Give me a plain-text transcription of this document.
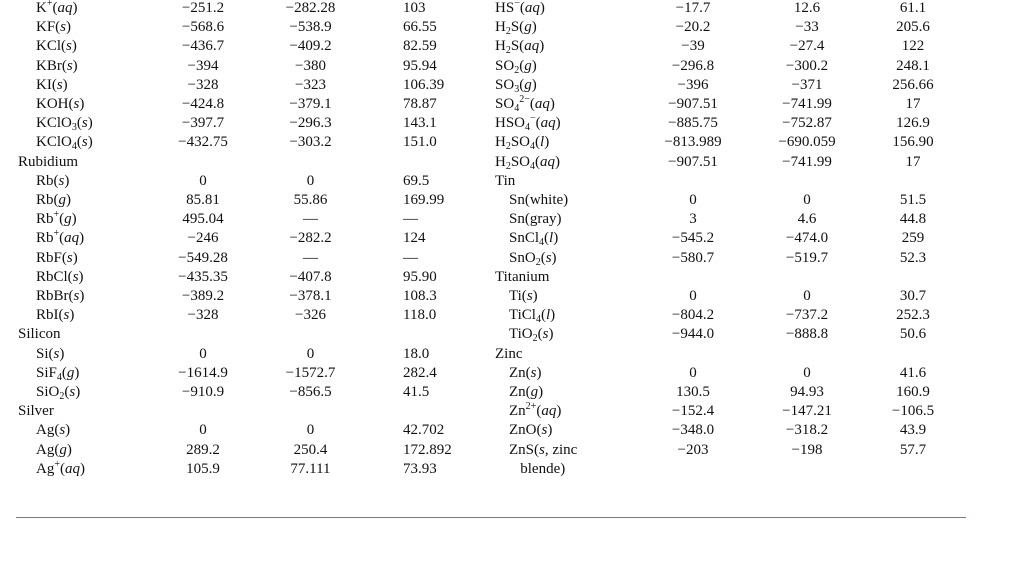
K+(aq)	−251.2	−282.28	103
KF(s)	−568.6	−538.9	66.55
KCl(s)	−436.7	−409.2	82.59
KBr(s)	−394	−380	95.94
KI(s)	−328	−323	106.39
KOH(s)	−424.8	−379.1	78.87
KClO$_3$(s)	−397.7	−296.3	143.1
KClO$_4$(s)	−432.75	−303.2	151.0
Rubidium
Rb(s)	0	0	69.5
Rb(g)	85.81	55.86	169.99
Rb+(g)	495.04	—	—
Rb+(aq)	−246	−282.2	124
RbF(s)	−549.28	—	—
RbCl(s)	−435.35	−407.8	95.90
RbBr(s)	−389.2	−378.1	108.3
RbI(s)	−328	−326	118.0
Silicon
Si(s)	0	0	18.0
SiF$_4$(g)	−1614.9	−1572.7	282.4
SiO$_2$(s)	−910.9	−856.5	41.5
Silver
Ag(s)	0	0	42.702
Ag(g)	289.2	250.4	172.892
Ag+(aq)	105.9	77.111	73.93
HS−(aq)	−17.7	12.6	61.1
$H_2S(g)$	−20.2	−33	205.6
$H_2S(aq)$	−39	−27.4	122
$SO_2(g)$	−296.8	−300.2	248.1
$SO_3(g)$	−396	−371	256.66
$SO_4^{2-}(aq)$	−907.51	−741.99	17
$HSO_4^-(aq)$	−885.75	−752.87	126.9
$H_2SO_4(l)$	−813.989	−690.059	156.90
$H_2SO_4(aq)$	−907.51	−741.99	17
Tin
Sn(white)	0	0	51.5
Sn(gray)	3	4.6	44.8
SnCl$_4$(l)	−545.2	−474.0	259
SnO$_2$(s)	−580.7	−519.7	52.3
Titanium
Ti(s)	0	0	30.7
TiCl$_4$(l)	−804.2	−737.2	252.3
TiO$_2$(s)	−944.0	−888.8	50.6
Zinc
Zn(s)	0	0	41.6
Zn(g)	130.5	94.93	160.9
$Zn^{2+}(aq)$	−152.4	−147.21	−106.5
ZnO(s)	−348.0	−318.2	43.9
ZnS(s, zinc	−203	−198	57.7
blende)
